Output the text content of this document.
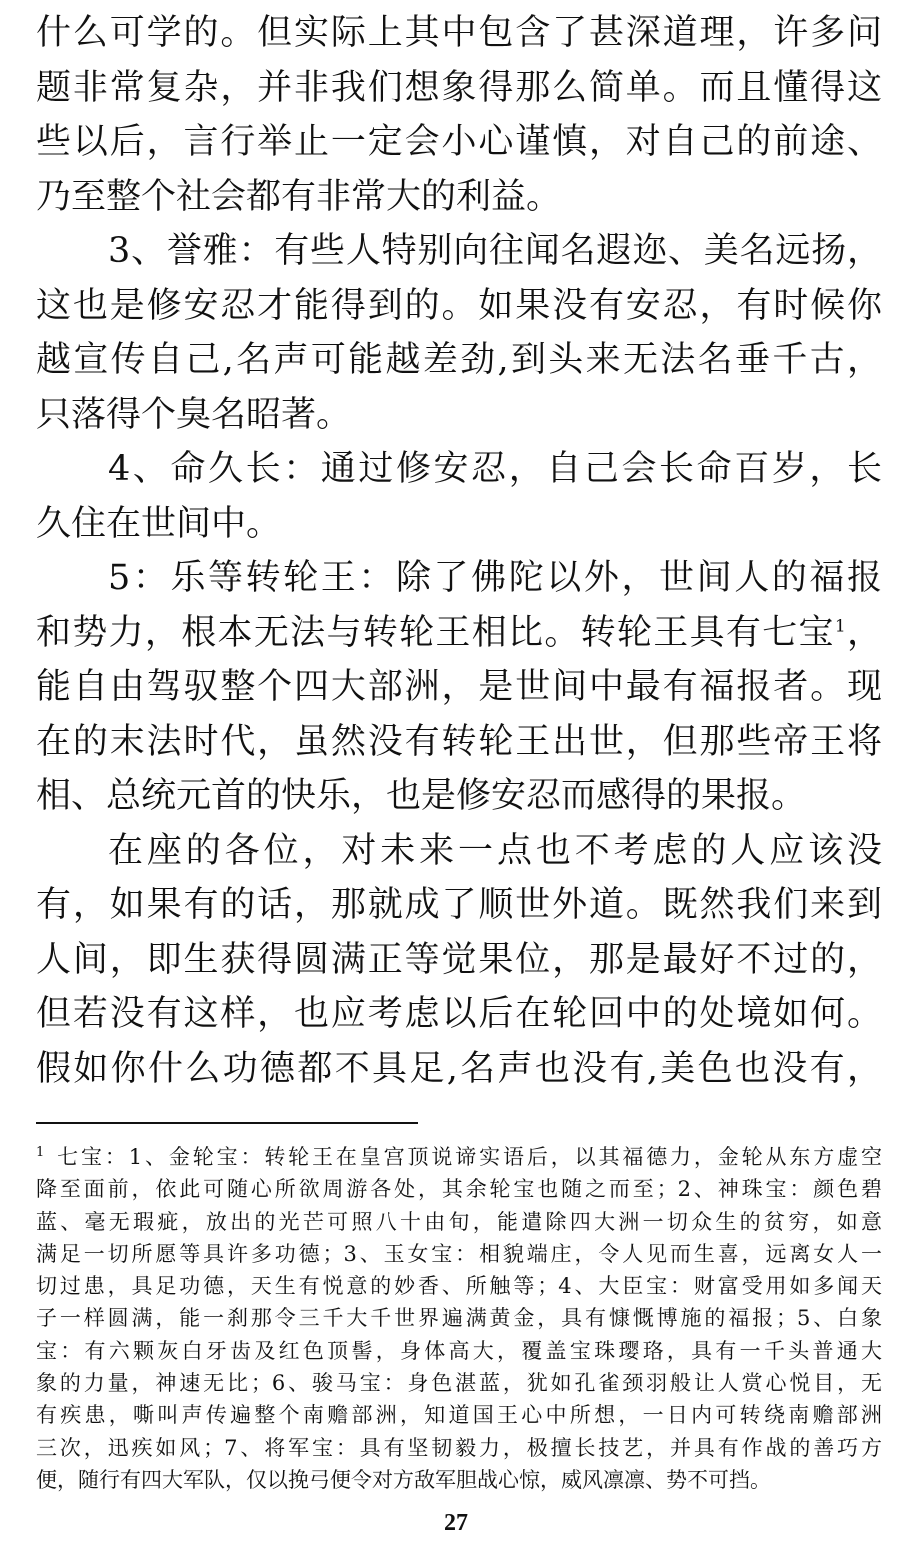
什么可学的。但实际上其中包含了甚深道理，许多问
题非常复杂，并非我们想象得那么简单。而且懂得这
些以后，言行举止一定会小心谨慎，对自己的前途、
乃至整个社会都有非常大的利益。
3、誉雅：有些人特别向往闻名遐迩、美名远扬，
这也是修安忍才能得到的。如果没有安忍，有时候你
越宣传自己,名声可能越差劲,到头来无法名垂千古，
只落得个臭名昭著。
4、命久长：通过修安忍，自己会长命百岁，长
久住在世间中。
5：乐等转轮王：除了佛陀以外，世间人的福报
和势力，根本无法与转轮王相比。转轮王具有七宝$^1$，
能自由驾驭整个四大部洲，是世间中最有福报者。现
在的末法时代，虽然没有转轮王出世，但那些帝王将
相、总统元首的快乐，也是修安忍而感得的果报。
在座的各位，对未来一点也不考虑的人应该没
有，如果有的话，那就成了顺世外道。既然我们来到
人间，即生获得圆满正等觉果位，那是最好不过的，
但若没有这样，也应考虑以后在轮回中的处境如何。
假如你什么功德都不具足,名声也没有,美色也没有，
$^1$ 七宝：1、金轮宝：转轮王在皇宫顶说谛实语后，以其福德力，金轮从东方虚空
降至面前，依此可随心所欲周游各处，其余轮宝也随之而至；2、神珠宝：颜色碧
蓝、毫无瑕疵，放出的光芒可照八十由旬，能遣除四大洲一切众生的贫穷，如意
满足一切所愿等具许多功德；3、玉女宝：相貌端庄，令人见而生喜，远离女人一
切过患，具足功德，天生有悦意的妙香、所触等；4、大臣宝：财富受用如多闻天
子一样圆满，能一刹那令三千大千世界遍满黄金，具有慷慨博施的福报；5、白象
宝：有六颗灰白牙齿及红色顶髻，身体高大，覆盖宝珠璎珞，具有一千头普通大
象的力量，神速无比；6、骏马宝：身色湛蓝，犹如孔雀颈羽般让人赏心悦目，无
有疾患，嘶叫声传遍整个南赡部洲，知道国王心中所想，一日内可转绕南赡部洲
三次，迅疾如风；7、将军宝：具有坚韧毅力，极擅长技艺，并具有作战的善巧方
便，随行有四大军队，仅以挽弓便令对方敌军胆战心惊，威风凛凛、势不可挡。
27
